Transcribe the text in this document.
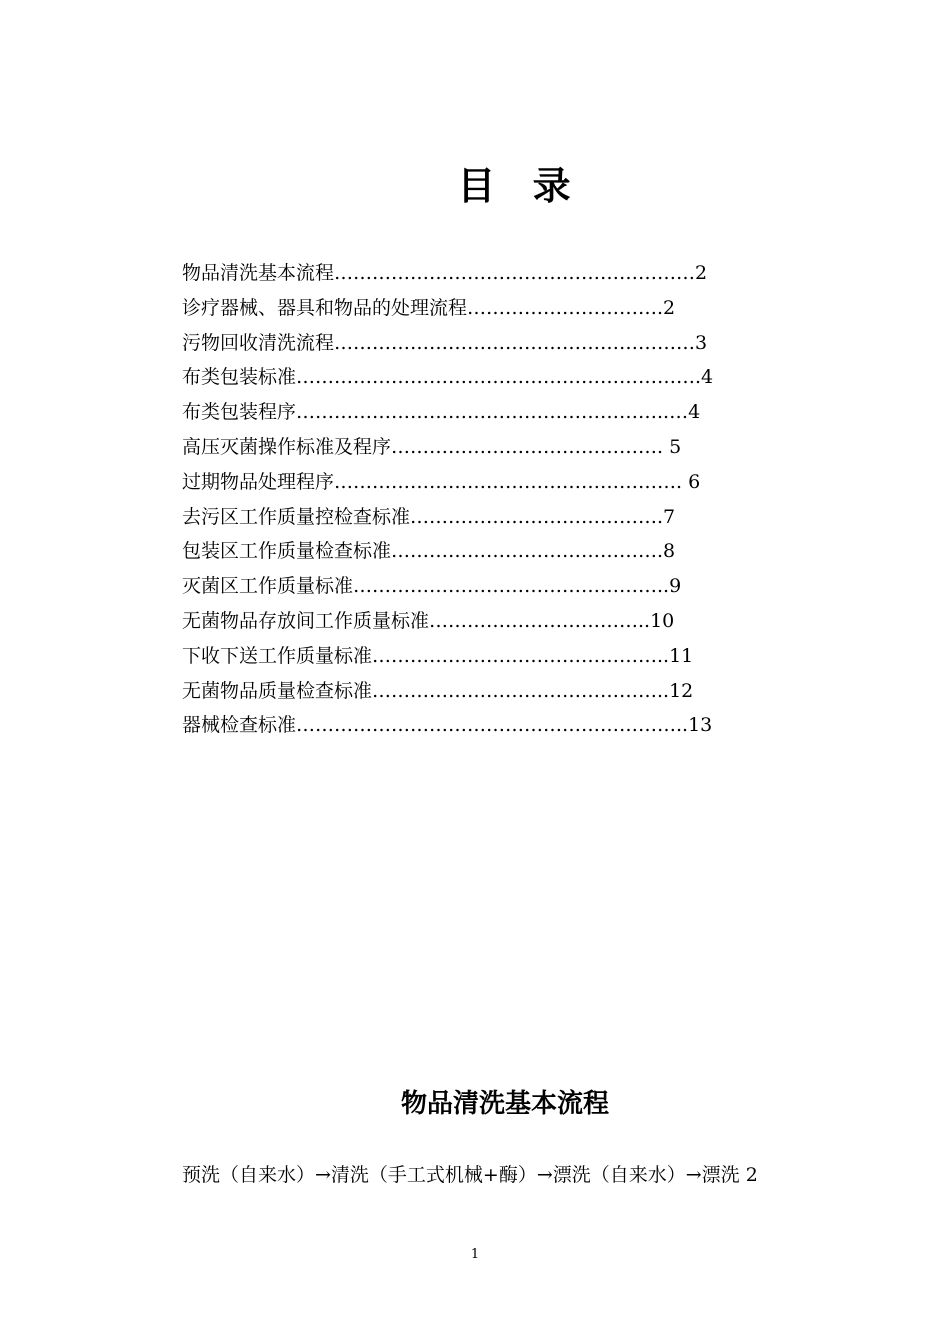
目 录
物品清洗基本流程…………………………………………………2
诊疗器械、器具和物品的处理流程………………………….2
污物回收清洗流程…………………………………………………3
布类包装标准……………………………………………………….4
布类包装程序…………………………………………………..…4
高压灭菌操作标准及程序……………………………………. 5
过期物品处理程序………………………………………………. 6
去污区工作质量控检查标准………………………………….7
包装区工作质量检查标准…………………………………….8
灭菌区工作质量标准…………………………………………..9
无菌物品存放间工作质量标准……………………………..10
下收下送工作质量标准………………………………………..11
无菌物品质量检查标准………………………………………..12
器械检查标准……………………………………………………..13
物品清洗基本流程
预洗（自来水）→清洗（手工式机械+酶）→漂洗（自来水）→漂洗 2
1
